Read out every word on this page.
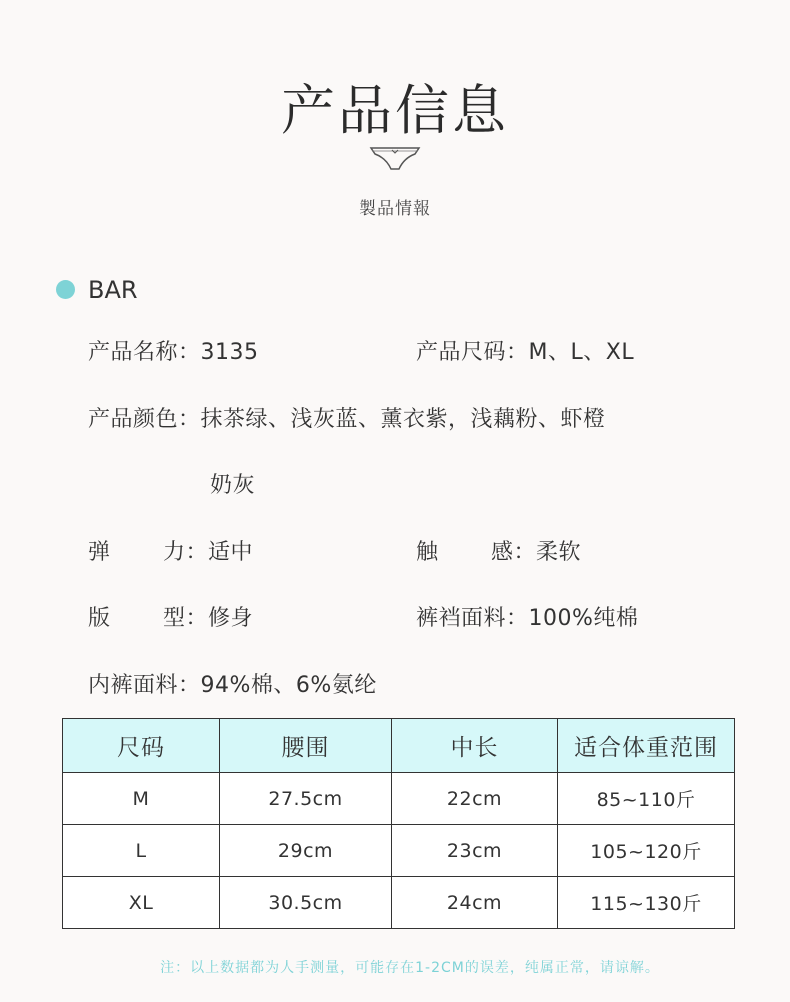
产品信息
製品情報
BAR
产品名称：3135	产品尺码：M、L、XL
产品颜色：抹茶绿、浅灰蓝、薰衣紫，浅藕粉、虾橙
奶灰
弹 力：适中	触 感：柔软
版 型：修身	裤裆面料：100%纯棉
内裤面料：94%棉、6%氨纶
尺码	腰围	中长	适合体重范围
M	27.5cm	22cm	85~110斤
L	29cm	23cm	105~120斤
XL	30.5cm	24cm	115~130斤
注：以上数据都为人手测量，可能存在1-2CM的误差，纯属正常，请谅解。
